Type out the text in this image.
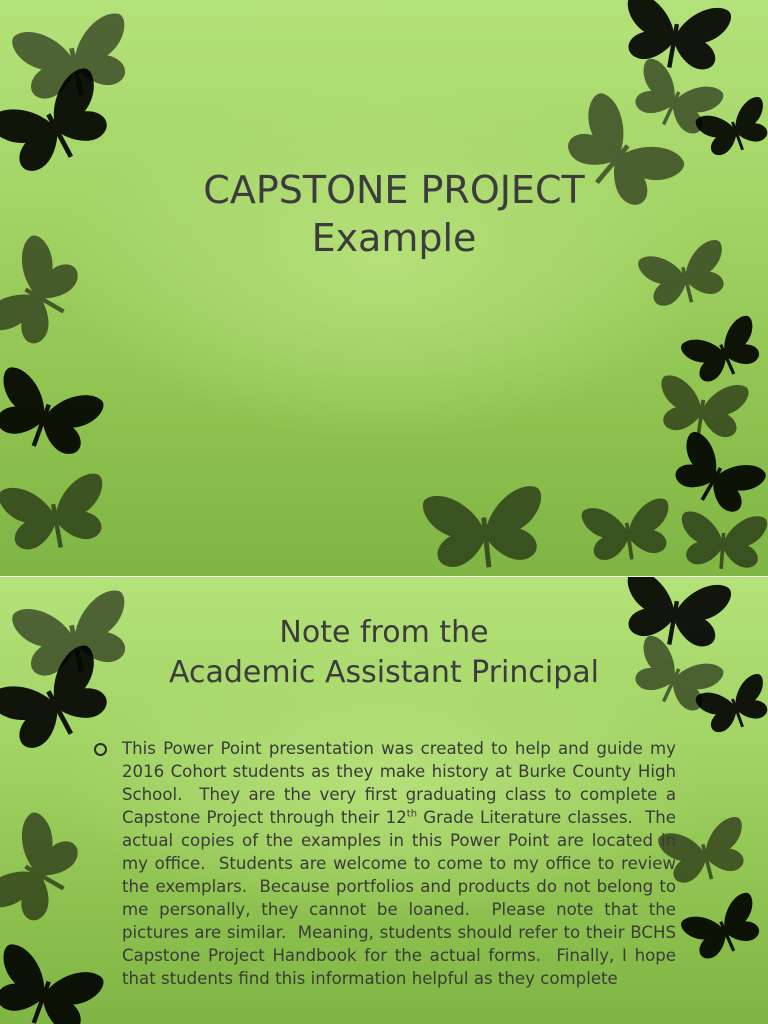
CAPSTONE PROJECT
Example
Note from the
Academic Assistant Principal

This Power Point presentation was created to help and guide my 2016 Cohort students as they make history at Burke County High School.  They are the very first graduating class to complete a Capstone Project through their 12th Grade Literature classes.  The actual copies of the examples in this Power Point are located in my office.  Students are welcome to come to my office to review the exemplars.  Because portfolios and products do not belong to me personally, they cannot be loaned.  Please note that the pictures are similar.  Meaning, students should refer to their BCHS Capstone Project Handbook for the actual forms.  Finally, I hope that students find this information helpful as they complete
